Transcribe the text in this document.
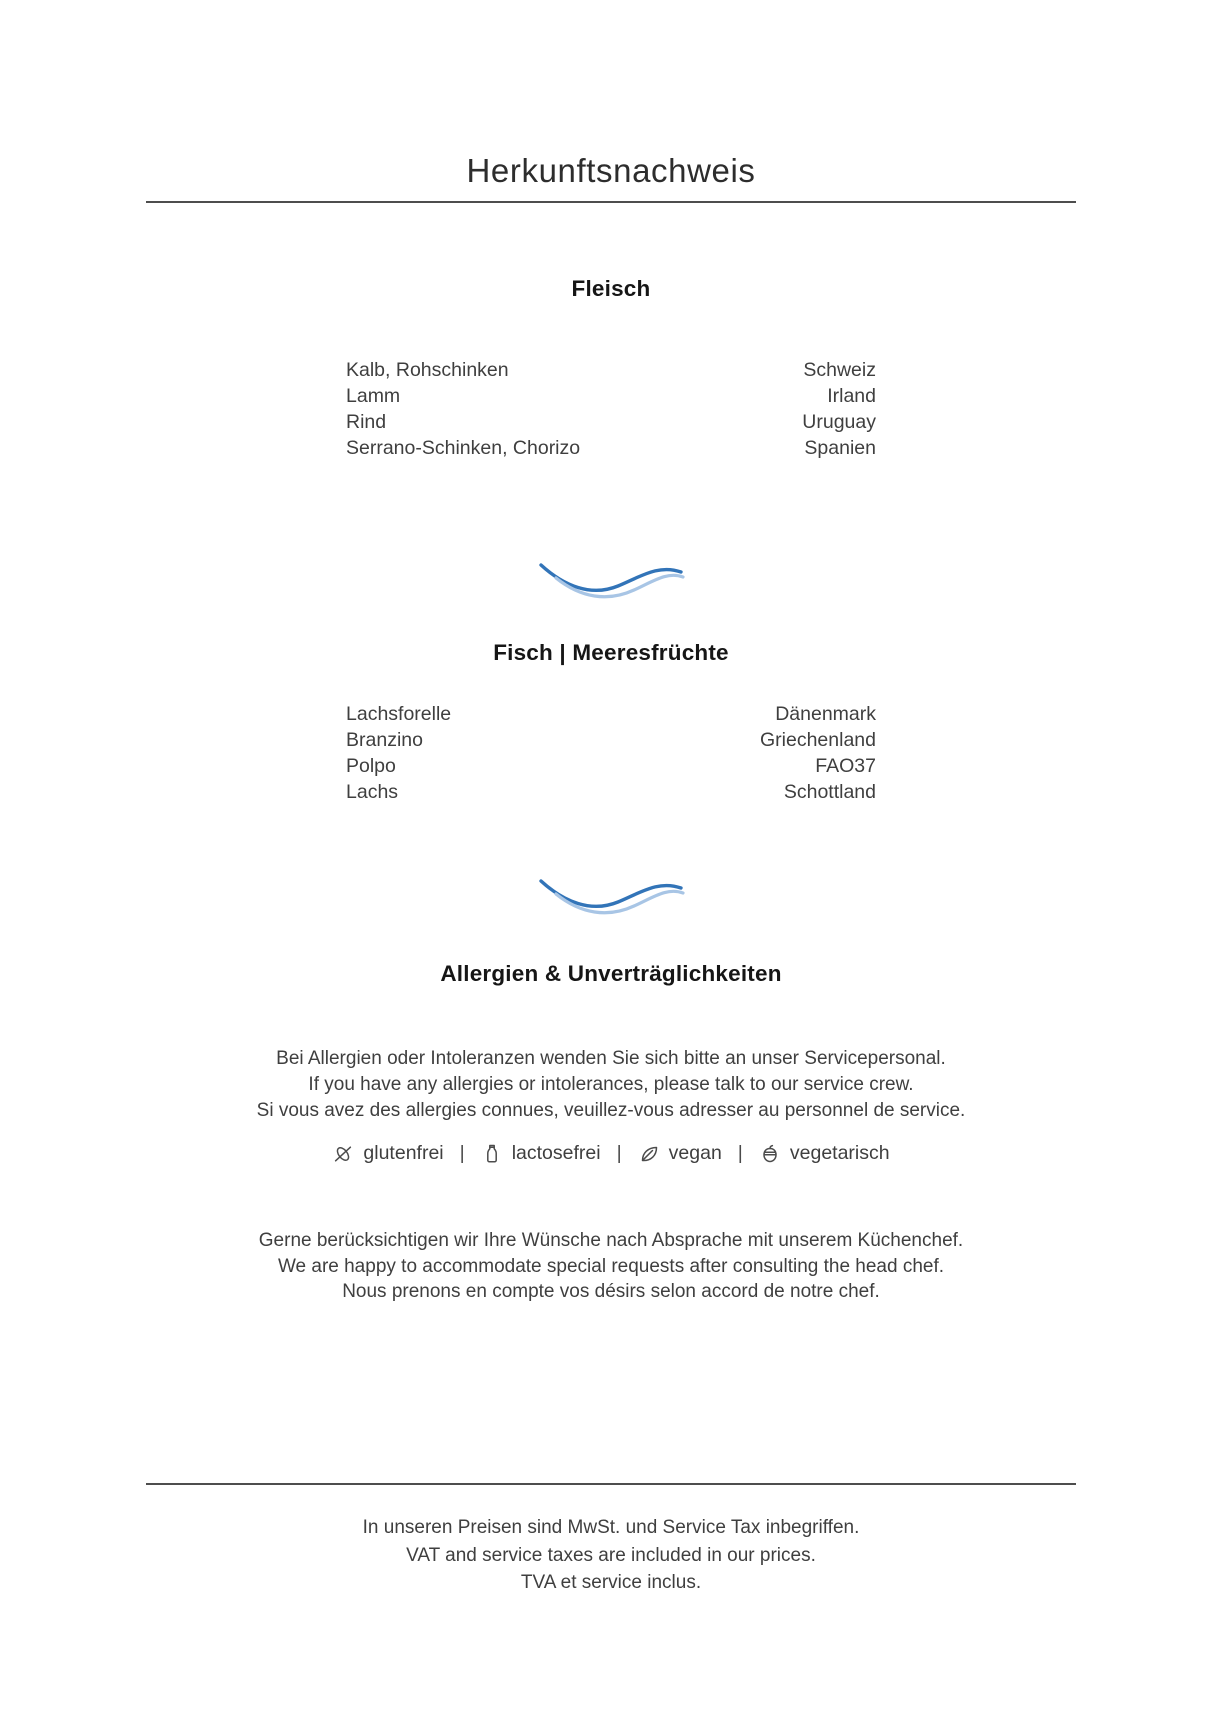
Herkunftsnachweis
Fleisch
Kalb, Rohschinken	Schweiz
Lamm	Irland
Rind	Uruguay
Serrano-Schinken, Chorizo	Spanien
Fisch | Meeresfrüchte
Lachsforelle	Dänenmark
Branzino	Griechenland
Polpo	FAO37
Lachs	Schottland
Allergien & Unverträglichkeiten
Bei Allergien oder Intoleranzen wenden Sie sich bitte an unser Servicepersonal.
If you have any allergies or intolerances, please talk to our service crew.
Si vous avez des allergies connues, veuillez-vous adresser au personnel de service.
glutenfrei | lactosefrei | vegan | vegetarisch
Gerne berücksichtigen wir Ihre Wünsche nach Absprache mit unserem Küchenchef.
We are happy to accommodate special requests after consulting the head chef.
Nous prenons en compte vos désirs selon accord de notre chef.
In unseren Preisen sind MwSt. und Service Tax inbegriffen.
VAT and service taxes are included in our prices.
TVA et service inclus.
